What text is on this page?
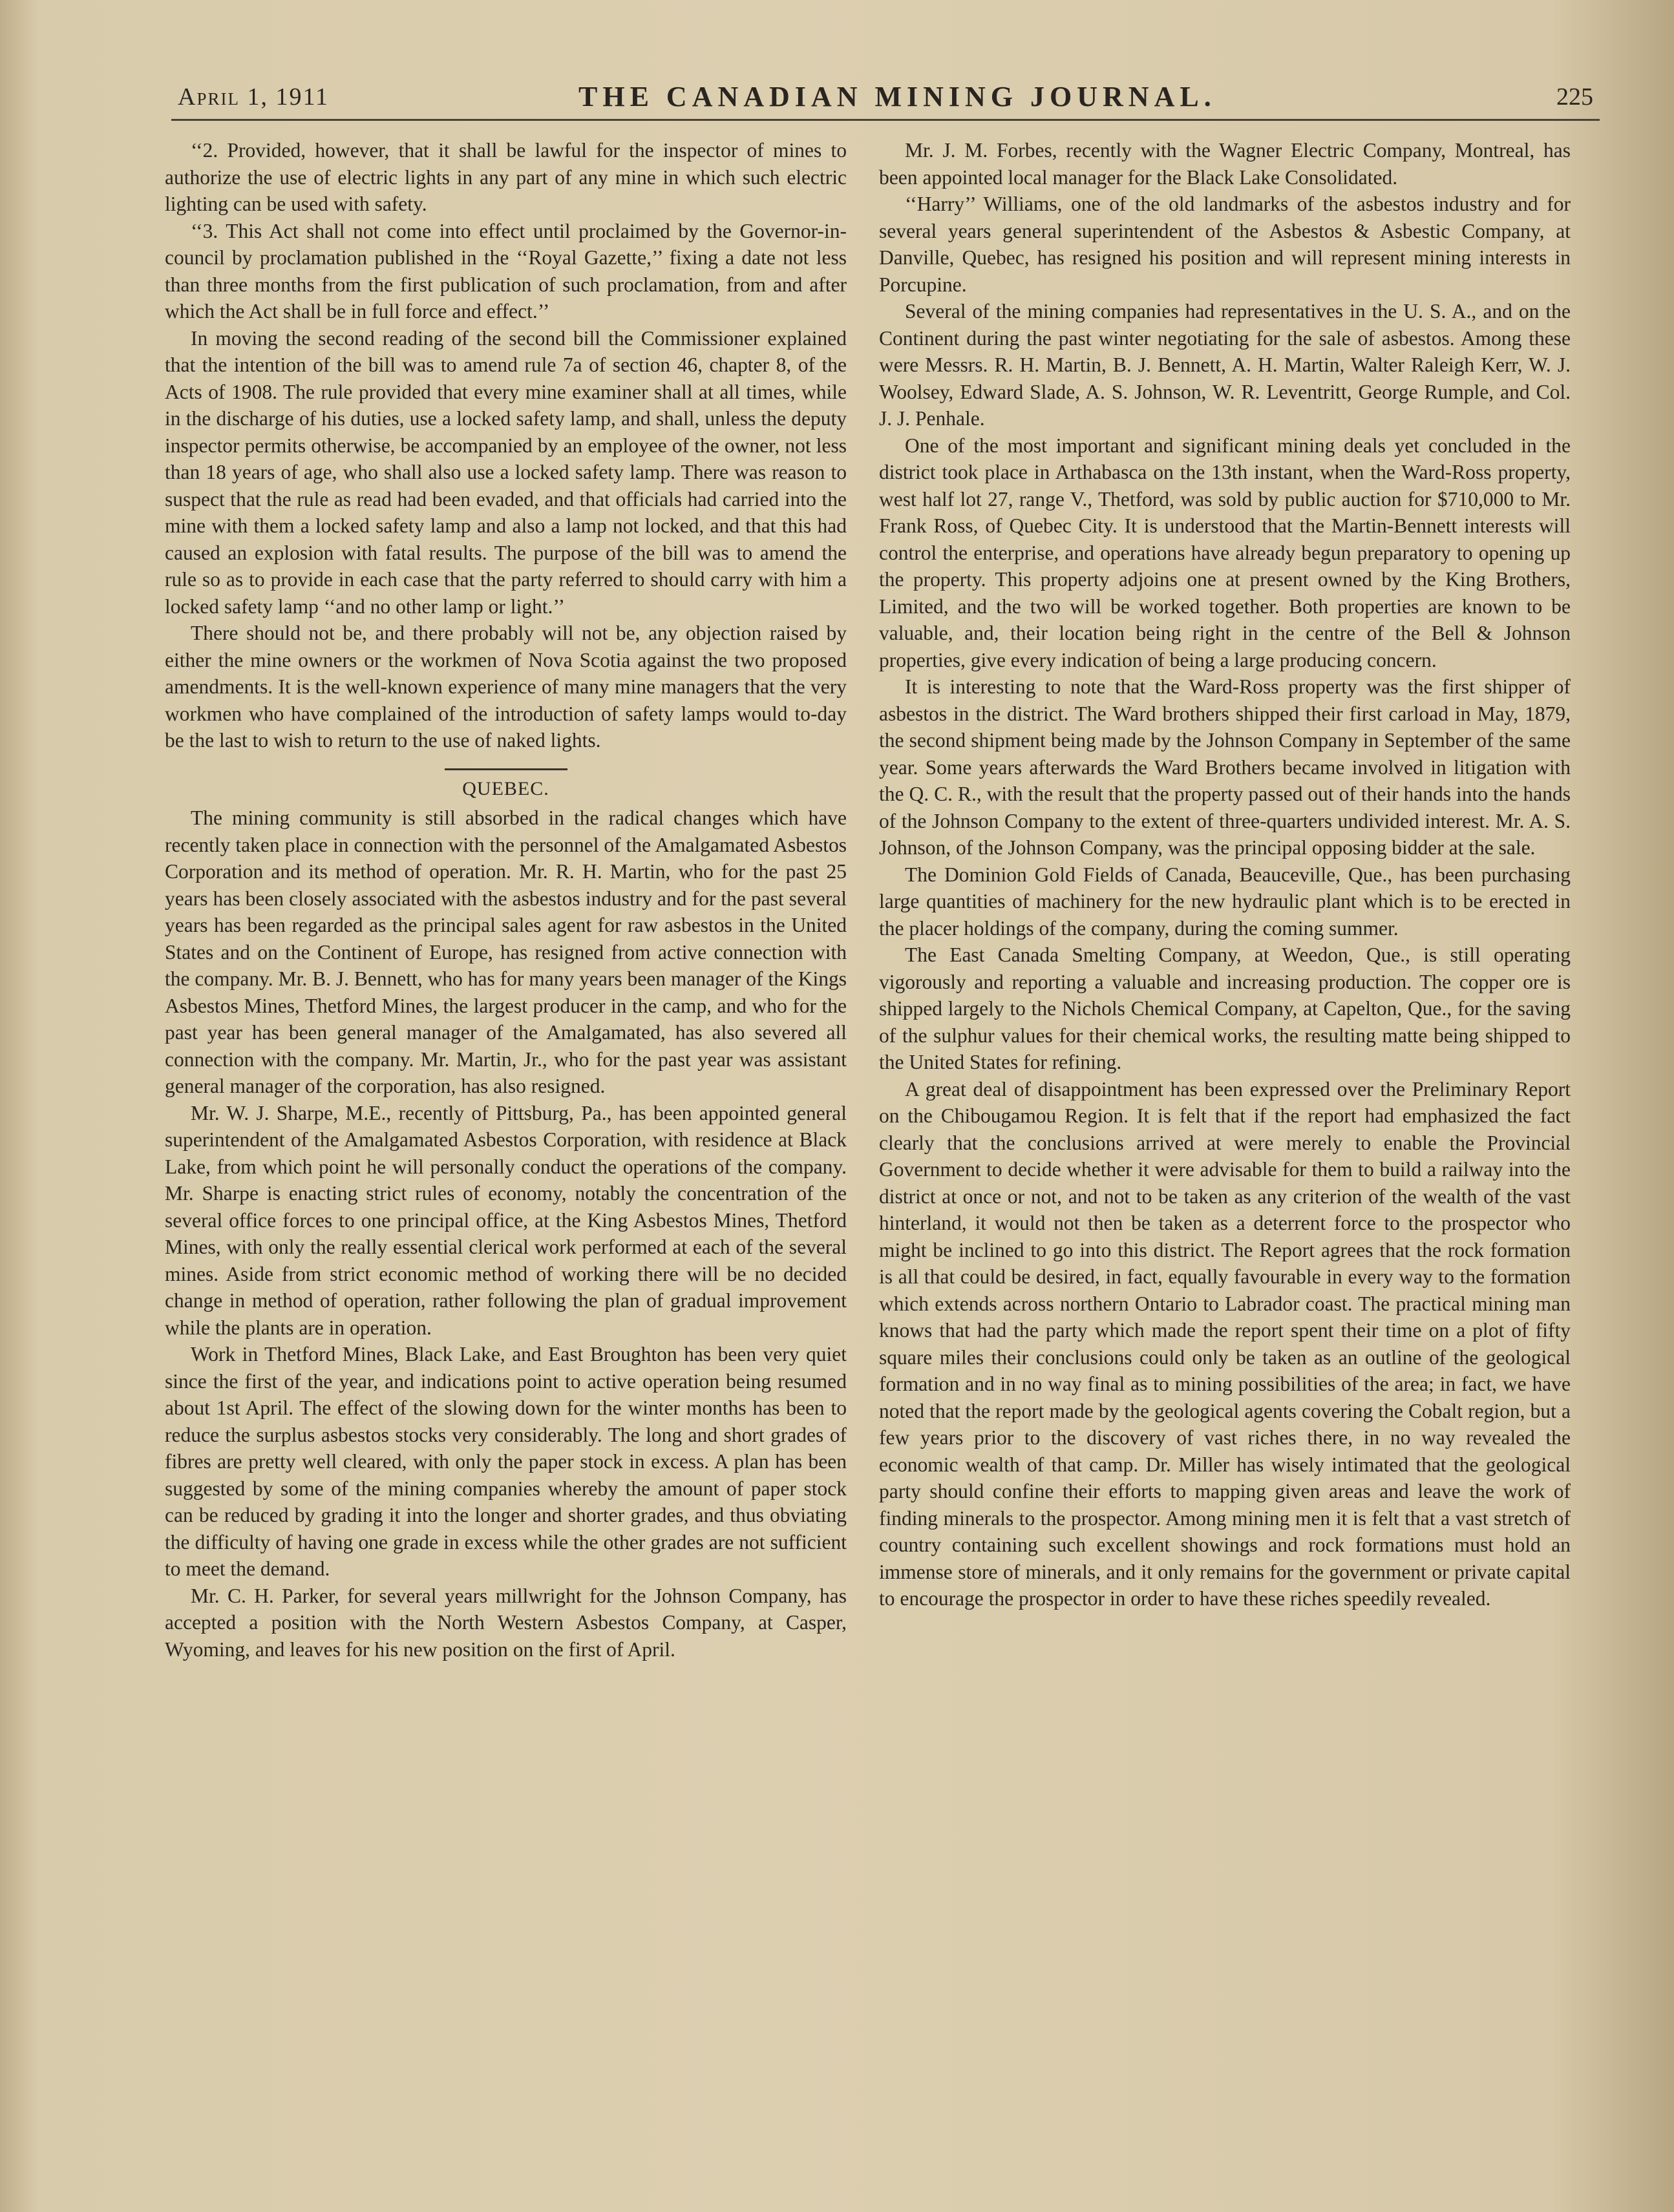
April 1, 1911	THE CANADIAN MINING JOURNAL.	225

‘‘2. Provided, however, that it shall be lawful for the inspector of mines to authorize the use of electric lights in any part of any mine in which such electric lighting can be used with safety.

‘‘3. This Act shall not come into effect until proclaimed by the Governor-in-council by proclamation published in the ‘‘Royal Gazette,’’ fixing a date not less than three months from the first publication of such proclamation, from and after which the Act shall be in full force and effect.’’

In moving the second reading of the second bill the Commissioner explained that the intention of the bill was to amend rule 7a of section 46, chapter 8, of the Acts of 1908. The rule provided that every mine examiner shall at all times, while in the discharge of his duties, use a locked safety lamp, and shall, unless the deputy inspector permits otherwise, be accompanied by an employee of the owner, not less than 18 years of age, who shall also use a locked safety lamp. There was reason to suspect that the rule as read had been evaded, and that officials had carried into the mine with them a locked safety lamp and also a lamp not locked, and that this had caused an explosion with fatal results. The purpose of the bill was to amend the rule so as to provide in each case that the party referred to should carry with him a locked safety lamp ‘‘and no other lamp or light.’’

There should not be, and there probably will not be, any objection raised by either the mine owners or the workmen of Nova Scotia against the two proposed amendments. It is the well-known experience of many mine managers that the very workmen who have complained of the introduction of safety lamps would to-day be the last to wish to return to the use of naked lights.

QUEBEC.

The mining community is still absorbed in the radical changes which have recently taken place in connection with the personnel of the Amalgamated Asbestos Corporation and its method of operation. Mr. R. H. Martin, who for the past 25 years has been closely associated with the asbestos industry and for the past several years has been regarded as the principal sales agent for raw asbestos in the United States and on the Continent of Europe, has resigned from active connection with the company. Mr. B. J. Bennett, who has for many years been manager of the Kings Asbestos Mines, Thetford Mines, the largest producer in the camp, and who for the past year has been general manager of the Amalgamated, has also severed all connection with the company. Mr. Martin, Jr., who for the past year was assistant general manager of the corporation, has also resigned.

Mr. W. J. Sharpe, M.E., recently of Pittsburg, Pa., has been appointed general superintendent of the Amalgamated Asbestos Corporation, with residence at Black Lake, from which point he will personally conduct the operations of the company. Mr. Sharpe is enacting strict rules of economy, notably the concentration of the several office forces to one principal office, at the King Asbestos Mines, Thetford Mines, with only the really essential clerical work performed at each of the several mines. Aside from strict economic method of working there will be no decided change in method of operation, rather following the plan of gradual improvement while the plants are in operation.

Work in Thetford Mines, Black Lake, and East Broughton has been very quiet since the first of the year, and indications point to active operation being resumed about 1st April. The effect of the slowing down for the winter months has been to reduce the surplus asbestos stocks very considerably. The long and short grades of fibres are pretty well cleared, with only the paper stock in excess. A plan has been suggested by some of the mining companies whereby the amount of paper stock can be reduced by grading it into the longer and shorter grades, and thus obviating the difficulty of having one grade in excess while the other grades are not sufficient to meet the demand.

Mr. C. H. Parker, for several years millwright for the Johnson Company, has accepted a position with the North Western Asbestos Company, at Casper, Wyoming, and leaves for his new position on the first of April.

Mr. J. M. Forbes, recently with the Wagner Electric Company, Montreal, has been appointed local manager for the Black Lake Consolidated.

‘‘Harry’’ Williams, one of the old landmarks of the asbestos industry and for several years general superintendent of the Asbestos & Asbestic Company, at Danville, Quebec, has resigned his position and will represent mining interests in Porcupine.

Several of the mining companies had representatives in the U. S. A., and on the Continent during the past winter negotiating for the sale of asbestos. Among these were Messrs. R. H. Martin, B. J. Bennett, A. H. Martin, Walter Raleigh Kerr, W. J. Woolsey, Edward Slade, A. S. Johnson, W. R. Leventritt, George Rumple, and Col. J. J. Penhale.

One of the most important and significant mining deals yet concluded in the district took place in Arthabasca on the 13th instant, when the Ward-Ross property, west half lot 27, range V., Thetford, was sold by public auction for $710,000 to Mr. Frank Ross, of Quebec City. It is understood that the Martin-Bennett interests will control the enterprise, and operations have already begun preparatory to opening up the property. This property adjoins one at present owned by the King Brothers, Limited, and the two will be worked together. Both properties are known to be valuable, and, their location being right in the centre of the Bell & Johnson properties, give every indication of being a large producing concern.

It is interesting to note that the Ward-Ross property was the first shipper of asbestos in the district. The Ward brothers shipped their first carload in May, 1879, the second shipment being made by the Johnson Company in September of the same year. Some years afterwards the Ward Brothers became involved in litigation with the Q. C. R., with the result that the property passed out of their hands into the hands of the Johnson Company to the extent of three-quarters undivided interest. Mr. A. S. Johnson, of the Johnson Company, was the principal opposing bidder at the sale.

The Dominion Gold Fields of Canada, Beauceville, Que., has been purchasing large quantities of machinery for the new hydraulic plant which is to be erected in the placer holdings of the company, during the coming summer.

The East Canada Smelting Company, at Weedon, Que., is still operating vigorously and reporting a valuable and increasing production. The copper ore is shipped largely to the Nichols Chemical Company, at Capelton, Que., for the saving of the sulphur values for their chemical works, the resulting matte being shipped to the United States for refining.

A great deal of disappointment has been expressed over the Preliminary Report on the Chibougamou Region. It is felt that if the report had emphasized the fact clearly that the conclusions arrived at were merely to enable the Provincial Government to decide whether it were advisable for them to build a railway into the district at once or not, and not to be taken as any criterion of the wealth of the vast hinterland, it would not then be taken as a deterrent force to the prospector who might be inclined to go into this district. The Report agrees that the rock formation is all that could be desired, in fact, equally favourable in every way to the formation which extends across northern Ontario to Labrador coast. The practical mining man knows that had the party which made the report spent their time on a plot of fifty square miles their conclusions could only be taken as an outline of the geological formation and in no way final as to mining possibilities of the area; in fact, we have noted that the report made by the geological agents covering the Cobalt region, but a few years prior to the discovery of vast riches there, in no way revealed the economic wealth of that camp. Dr. Miller has wisely intimated that the geological party should confine their efforts to mapping given areas and leave the work of finding minerals to the prospector. Among mining men it is felt that a vast stretch of country containing such excellent showings and rock formations must hold an immense store of minerals, and it only remains for the government or private capital to encourage the prospector in order to have these riches speedily revealed.
